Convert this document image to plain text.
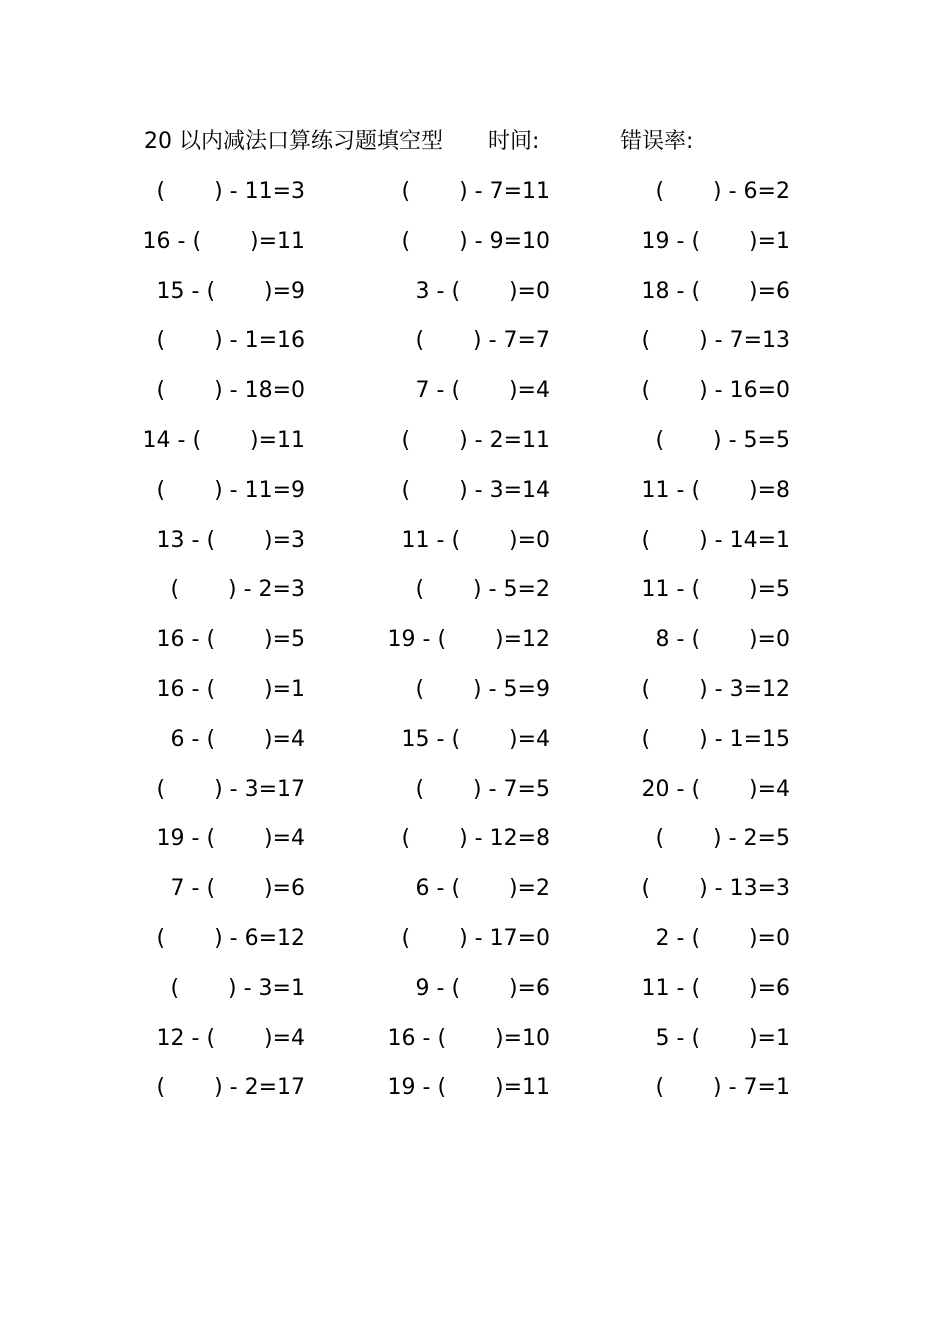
20 以内减法口算练习题填空型 时间:	错误率:
(       ) - 11=3	(       ) - 7=11	(       ) - 6=2
16 - (       )=11	(       ) - 9=10	19 - (       )=1
15 - (       )=9	3 - (       )=0	18 - (       )=6
(       ) - 1=16	(       ) - 7=7	(       ) - 7=13
(       ) - 18=0	7 - (       )=4	(       ) - 16=0
14 - (       )=11	(       ) - 2=11	(       ) - 5=5
(       ) - 11=9	(       ) - 3=14	11 - (       )=8
13 - (       )=3	11 - (       )=0	(       ) - 14=1
(       ) - 2=3	(       ) - 5=2	11 - (       )=5
16 - (       )=5	19 - (       )=12	8 - (       )=0
16 - (       )=1	(       ) - 5=9	(       ) - 3=12
6 - (       )=4	15 - (       )=4	(       ) - 1=15
(       ) - 3=17	(       ) - 7=5	20 - (       )=4
19 - (       )=4	(       ) - 12=8	(       ) - 2=5
7 - (       )=6	6 - (       )=2	(       ) - 13=3
(       ) - 6=12	(       ) - 17=0	2 - (       )=0
(       ) - 3=1	9 - (       )=6	11 - (       )=6
12 - (       )=4	16 - (       )=10	5 - (       )=1
(       ) - 2=17	19 - (       )=11	(       ) - 7=1
